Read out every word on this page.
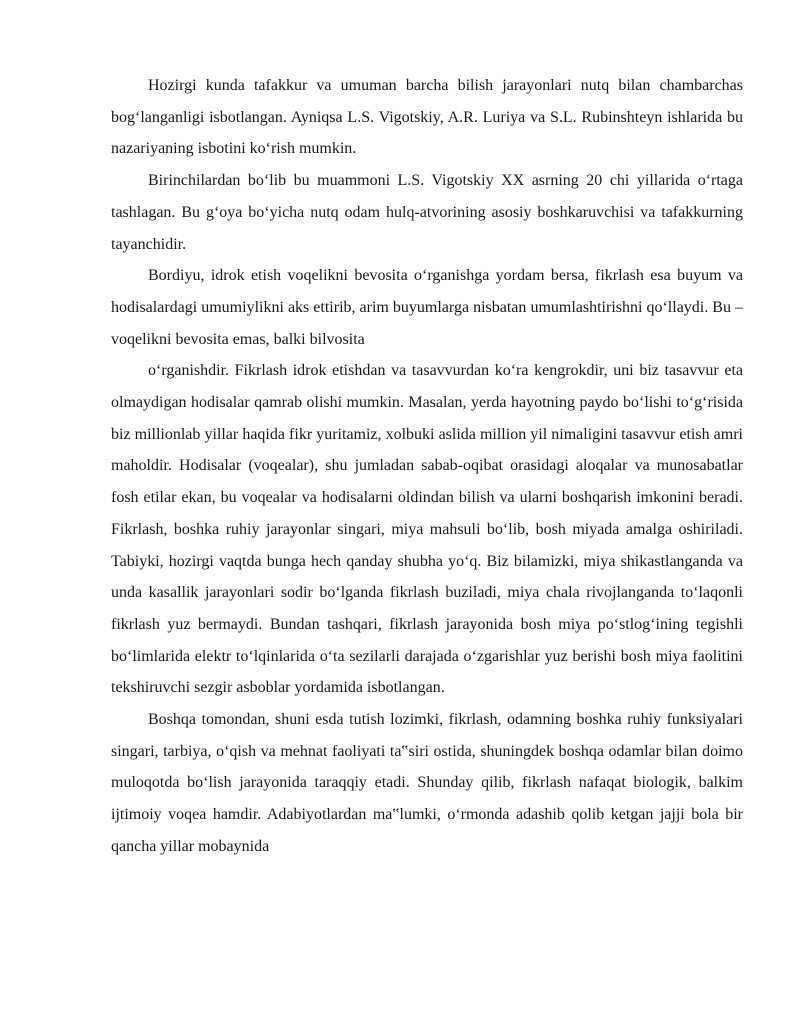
Hozirgi kunda tafakkur va umuman barcha bilish jarayonlari nutq bilan chambarchas bog‘langanligi isbotlangan. Ayniqsa L.S. Vigotskiy, A.R. Luriya va S.L. Rubinshteyn ishlarida bu nazariyaning isbotini ko‘rish mumkin.

Birinchilardan bo‘lib bu muammoni L.S. Vigotskiy XX asrning 20 chi yillarida o‘rtaga tashlagan. Bu g‘oya bo‘yicha nutq odam hulq-atvorining asosiy boshkaruvchisi va tafakkurning tayanchidir.

Bordiyu, idrok etish voqelikni bevosita o‘rganishga yordam bersa, fikrlash esa buyum va hodisalardagi umumiylikni aks ettirib, arim buyumlarga nisbatan umumlashtirishni qo‘llaydi. Bu – voqelikni bevosita emas, balki bilvosita

o‘rganishdir. Fikrlash idrok etishdan va tasavvurdan ko‘ra kengrokdir, uni biz tasavvur eta olmaydigan hodisalar qamrab olishi mumkin. Masalan, yerda hayotning paydo bo‘lishi to‘g‘risida biz millionlab yillar haqida fikr yuritamiz, xolbuki aslida million yil nimaligini tasavvur etish amri maholdir. Hodisalar (voqealar), shu jumladan sabab-oqibat orasidagi aloqalar va munosabatlar fosh etilar ekan, bu voqealar va hodisalarni oldindan bilish va ularni boshqarish imkonini beradi. Fikrlash, boshka ruhiy jarayonlar singari, miya mahsuli bo‘lib, bosh miyada amalga oshiriladi. Tabiyki, hozirgi vaqtda bunga hech qanday shubha yo‘q. Biz bilamizki, miya shikastlanganda va unda kasallik jarayonlari sodir bo‘lganda fikrlash buziladi, miya chala rivojlanganda to‘laqonli fikrlash yuz bermaydi. Bundan tashqari, fikrlash jarayonida bosh miya po‘stlog‘ining tegishli bo‘limlarida elektr to‘lqinlarida o‘ta sezilarli darajada o‘zgarishlar yuz berishi bosh miya faolitini tekshiruvchi sezgir asboblar yordamida isbotlangan.

Boshqa tomondan, shuni esda tutish lozimki, fikrlash, odamning boshka ruhiy funksiyalari singari, tarbiya, o‘qish va mehnat faoliyati ta‟siri ostida, shuningdek boshqa odamlar bilan doimo muloqotda bo‘lish jarayonida taraqqiy etadi. Shunday qilib, fikrlash nafaqat biologik, balkim ijtimoiy voqea hamdir. Adabiyotlardan ma‟lumki, o‘rmonda adashib qolib ketgan jajji bola bir qancha yillar mobaynida
